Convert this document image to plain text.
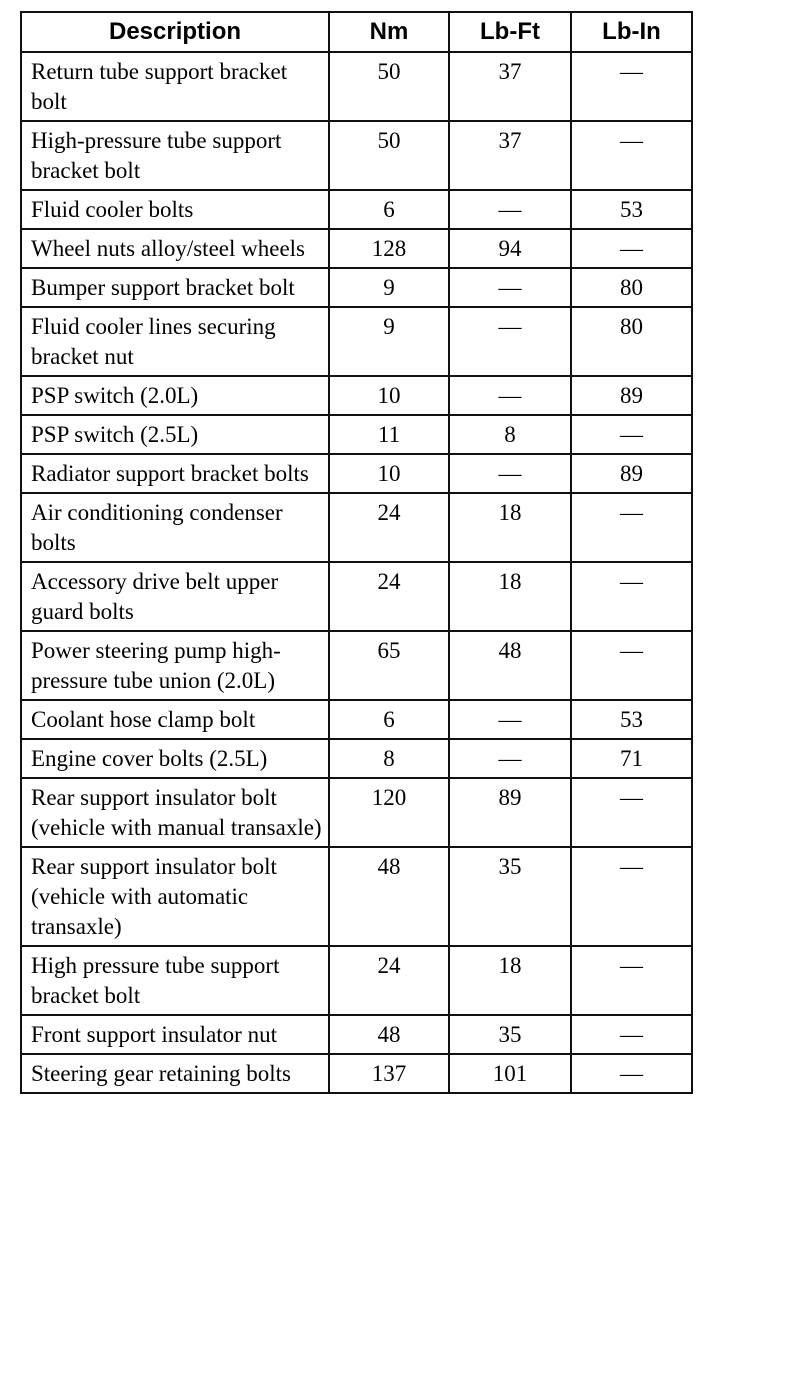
Description	Nm	Lb-Ft	Lb-In
Return tube support bracket bolt	50	37	—
High-pressure tube support bracket bolt	50	37	—
Fluid cooler bolts	6	—	53
Wheel nuts alloy/steel wheels	128	94	—
Bumper support bracket bolt	9	—	80
Fluid cooler lines securing bracket nut	9	—	80
PSP switch (2.0L)	10	—	89
PSP switch (2.5L)	11	8	—
Radiator support bracket bolts	10	—	89
Air conditioning condenser bolts	24	18	—
Accessory drive belt upper guard bolts	24	18	—
Power steering pump high-pressure tube union (2.0L)	65	48	—
Coolant hose clamp bolt	6	—	53
Engine cover bolts (2.5L)	8	—	71
Rear support insulator bolt (vehicle with manual transaxle)	120	89	—
Rear support insulator bolt (vehicle with automatic transaxle)	48	35	—
High pressure tube support bracket bolt	24	18	—
Front support insulator nut	48	35	—
Steering gear retaining bolts	137	101	—
